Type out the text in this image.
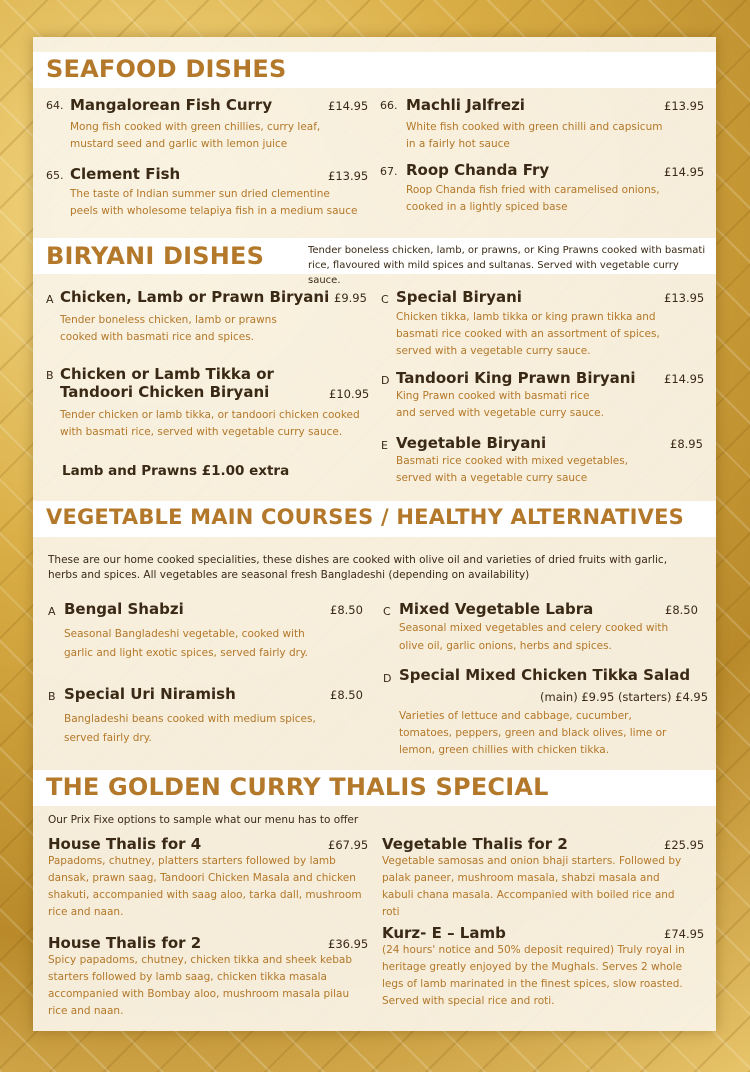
SEAFOOD DISHES
64. Mangalorean Fish Curry	£14.95
Mong fish cooked with green chillies, curry leaf, mustard seed and garlic with lemon juice
65. Clement Fish	£13.95
The taste of Indian summer sun dried clementine peels with wholesome telapiya fish in a medium sauce
66. Machli Jalfrezi	£13.95
White fish cooked with green chilli and capsicum in a fairly hot sauce
67. Roop Chanda Fry	£14.95
Roop Chanda fish fried with caramelised onions, cooked in a lightly spiced base
BIRYANI DISHES	Tender boneless chicken, lamb, or prawns, or King Prawns cooked with basmati rice, flavoured with mild spices and sultanas. Served with vegetable curry sauce.
A Chicken, Lamb or Prawn Biryani £9.95
Tender boneless chicken, lamb or prawns cooked with basmati rice and spices.
B Chicken or Lamb Tikka or
Tandoori Chicken Biryani	£10.95
Tender chicken or lamb tikka, or tandoori chicken cooked with basmati rice, served with vegetable curry sauce.
Lamb and Prawns £1.00 extra
C Special Biryani	£13.95
Chicken tikka, lamb tikka or king prawn tikka and basmati rice cooked with an assortment of spices, served with a vegetable curry sauce.
D Tandoori King Prawn Biryani £14.95
King Prawn cooked with basmati rice and served with vegetable curry sauce.
E Vegetable Biryani	£8.95
Basmati rice cooked with mixed vegetables, served with a vegetable curry sauce
VEGETABLE MAIN COURSES / HEALTHY ALTERNATIVES
These are our home cooked specialities, these dishes are cooked with olive oil and varieties of dried fruits with garlic, herbs and spices. All vegetables are seasonal fresh Bangladeshi (depending on availability)
A Bengal Shabzi	£8.50
Seasonal Bangladeshi vegetable, cooked with garlic and light exotic spices, served fairly dry.
B Special Uri Niramish	£8.50
Bangladeshi beans cooked with medium spices, served fairly dry.
C Mixed Vegetable Labra	£8.50
Seasonal mixed vegetables and celery cooked with olive oil, garlic onions, herbs and spices.
D Special Mixed Chicken Tikka Salad
(main) £9.95 (starters) £4.95
Varieties of lettuce and cabbage, cucumber, tomatoes, peppers, green and black olives, lime or lemon, green chillies with chicken tikka.
THE GOLDEN CURRY THALIS SPECIAL
Our Prix Fixe options to sample what our menu has to offer
House Thalis for 4	£67.95
Papadoms, chutney, platters starters followed by lamb dansak, prawn saag, Tandoori Chicken Masala and chicken shakuti, accompanied with saag aloo, tarka dall, mushroom rice and naan.
House Thalis for 2	£36.95
Spicy papadoms, chutney, chicken tikka and sheek kebab starters followed by lamb saag, chicken tikka masala accompanied with Bombay aloo, mushroom masala pilau rice and naan.
Vegetable Thalis for 2	£25.95
Vegetable samosas and onion bhaji starters. Followed by palak paneer, mushroom masala, shabzi masala and kabuli chana masala. Accompanied with boiled rice and roti
Kurz- E – Lamb	£74.95
(24 hours' notice and 50% deposit required) Truly royal in heritage greatly enjoyed by the Mughals. Serves 2 whole legs of lamb marinated in the finest spices, slow roasted. Served with special rice and roti.
